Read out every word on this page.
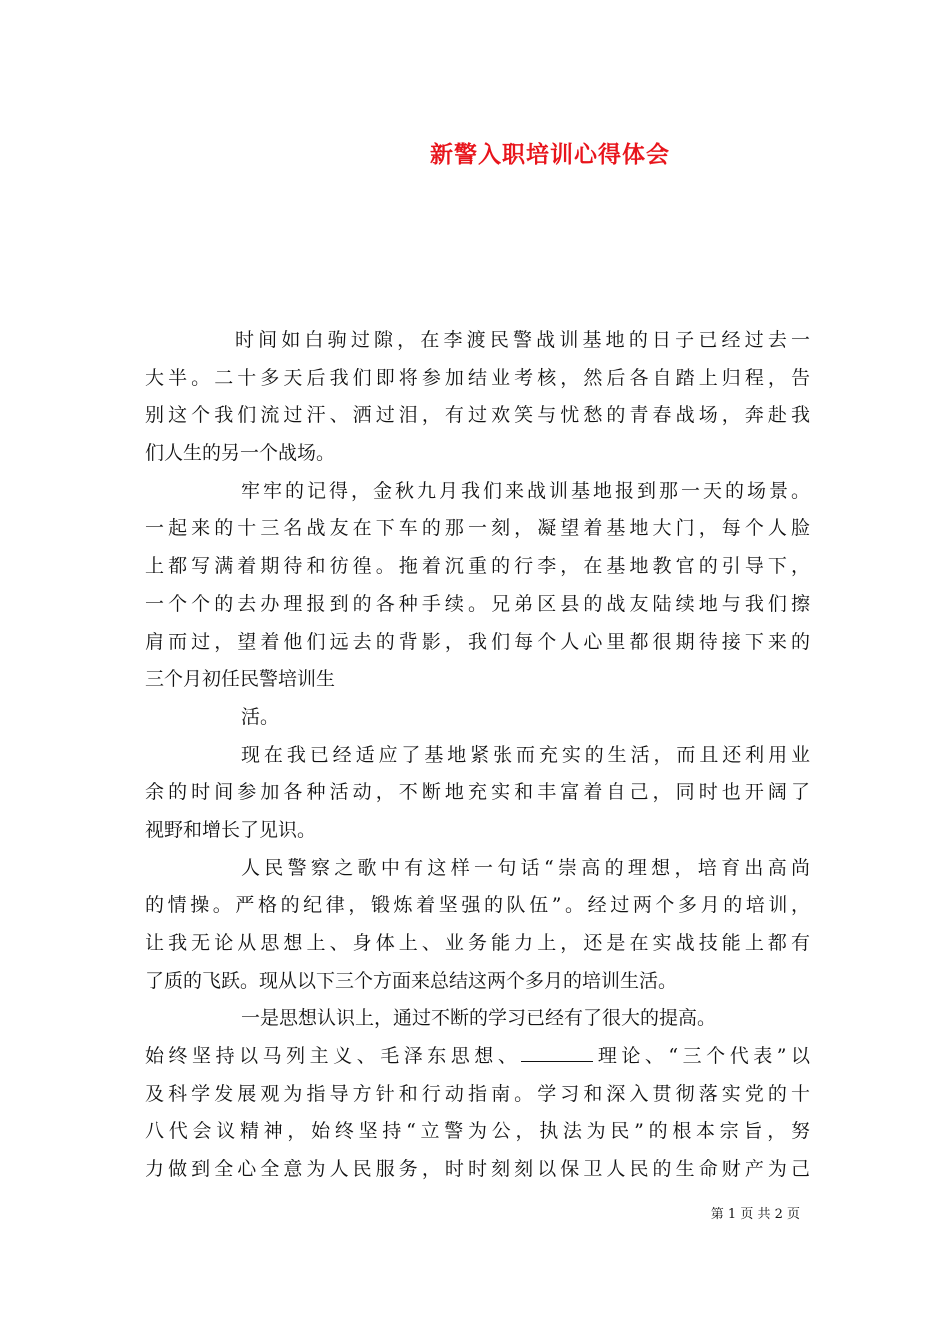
新警入职培训心得体会
时间如白驹过隙，在李渡民警战训基地的日子已经过去一
大半。二十多天后我们即将参加结业考核，然后各自踏上归程，告
别这个我们流过汗、洒过泪，有过欢笑与忧愁的青春战场，奔赴我
们人生的另一个战场。
牢牢的记得，金秋九月我们来战训基地报到那一天的场景。
一起来的十三名战友在下车的那一刻，凝望着基地大门，每个人脸
上都写满着期待和彷徨。拖着沉重的行李，在基地教官的引导下，
一个个的去办理报到的各种手续。兄弟区县的战友陆续地与我们擦
肩而过，望着他们远去的背影，我们每个人心里都很期待接下来的
三个月初任民警培训生
活。
现在我已经适应了基地紧张而充实的生活，而且还利用业
余的时间参加各种活动，不断地充实和丰富着自己，同时也开阔了
视野和增长了见识。
人民警察之歌中有这样一句话“崇高的理想，培育出高尚
的情操。严格的纪律，锻炼着坚强的队伍”。经过两个多月的培训，
让我无论从思想上、身体上、业务能力上，还是在实战技能上都有
了质的飞跃。现从以下三个方面来总结这两个多月的培训生活。
一是思想认识上，通过不断的学习已经有了很大的提高。
始终坚持以马列主义、毛泽东思想、	理论、“三个代表”以
及科学发展观为指导方针和行动指南。学习和深入贯彻落实党的十
八代会议精神，始终坚持“立警为公，执法为民”的根本宗旨，努
力做到全心全意为人民服务，时时刻刻以保卫人民的生命财产为己
第 1 页 共 2 页
